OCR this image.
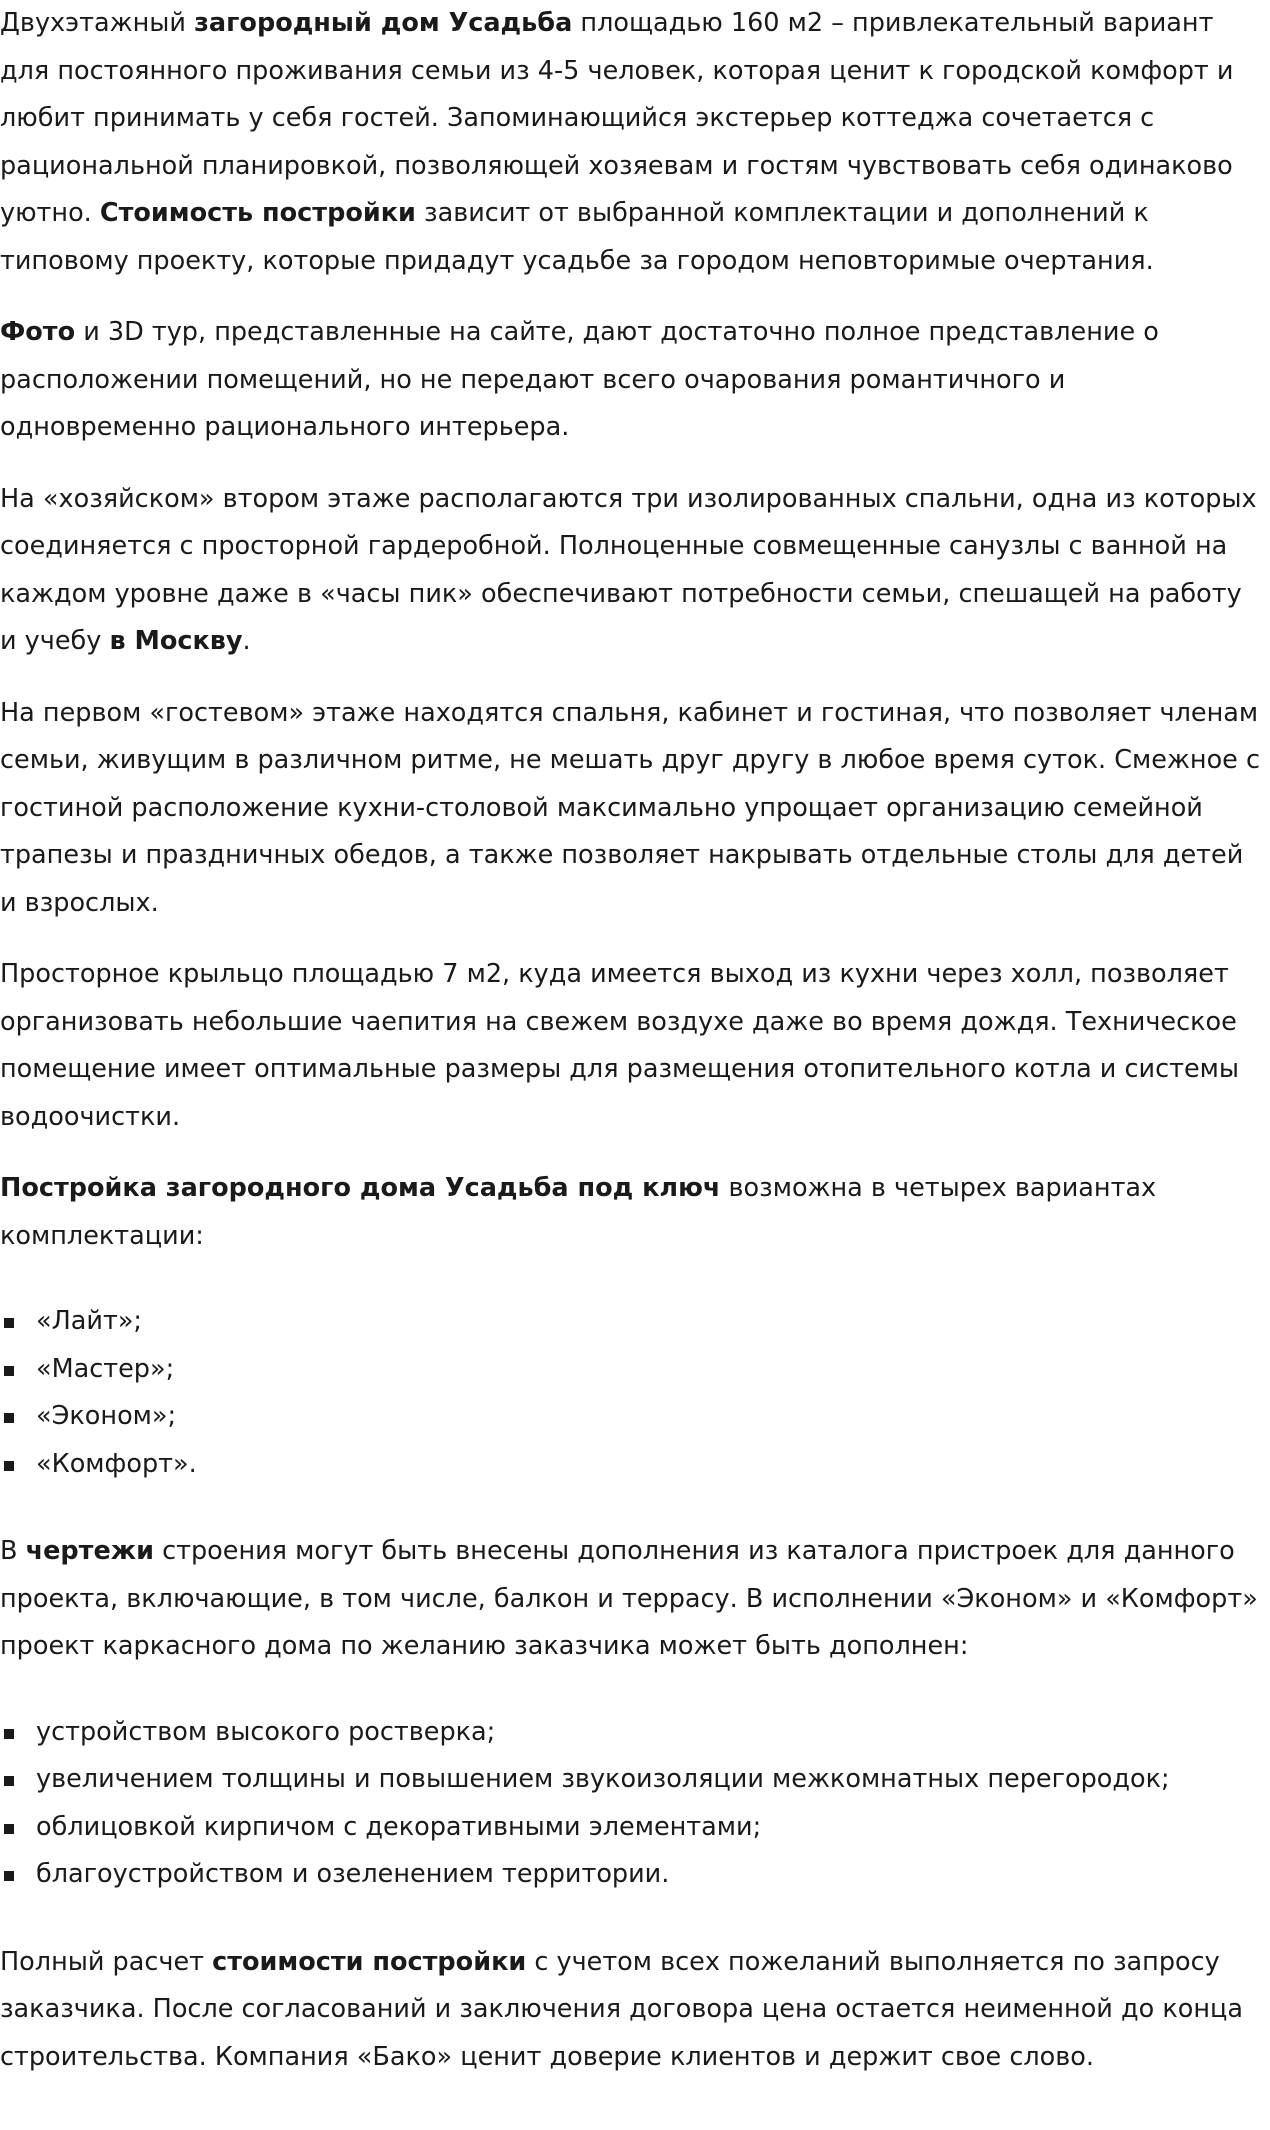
Двухэтажный загородный дом Усадьба площадью 160 м2 – привлекательный вариант для постоянного проживания семьи из 4-5 человек, которая ценит к городской комфорт и любит принимать у себя гостей. Запоминающийся экстерьер коттеджа сочетается с рациональной планировкой, позволяющей хозяевам и гостям чувствовать себя одинаково уютно. Стоимость постройки зависит от выбранной комплектации и дополнений к типовому проекту, которые придадут усадьбе за городом неповторимые очертания.

Фото и 3D тур, представленные на сайте, дают достаточно полное представление о расположении помещений, но не передают всего очарования романтичного и одновременно рационального интерьера.

На «хозяйском» втором этаже располагаются три изолированных спальни, одна из которых соединяется с просторной гардеробной. Полноценные совмещенные санузлы с ванной на каждом уровне даже в «часы пик» обеспечивают потребности семьи, спешащей на работу и учебу в Москву.

На первом «гостевом» этаже находятся спальня, кабинет и гостиная, что позволяет членам семьи, живущим в различном ритме, не мешать друг другу в любое время суток. Смежное с гостиной расположение кухни-столовой максимально упрощает организацию семейной трапезы и праздничных обедов, а также позволяет накрывать отдельные столы для детей и взрослых.

Просторное крыльцо площадью 7 м2, куда имеется выход из кухни через холл, позволяет организовать небольшие чаепития на свежем воздухе даже во время дождя. Техническое помещение имеет оптимальные размеры для размещения отопительного котла и системы водоочистки.

Постройка загородного дома Усадьба под ключ возможна в четырех вариантах комплектации:

«Лайт»;
«Мастер»;
«Эконом»;
«Комфорт».

В чертежи строения могут быть внесены дополнения из каталога пристроек для данного проекта, включающие, в том числе, балкон и террасу. В исполнении «Эконом» и «Комфорт» проект каркасного дома по желанию заказчика может быть дополнен:

устройством высокого ростверка;
увеличением толщины и повышением звукоизоляции межкомнатных перегородок;
облицовкой кирпичом с декоративными элементами;
благоустройством и озеленением территории.

Полный расчет стоимости постройки с учетом всех пожеланий выполняется по запросу заказчика. После согласований и заключения договора цена остается неименной до конца строительства. Компания «Бако» ценит доверие клиентов и держит свое слово.
